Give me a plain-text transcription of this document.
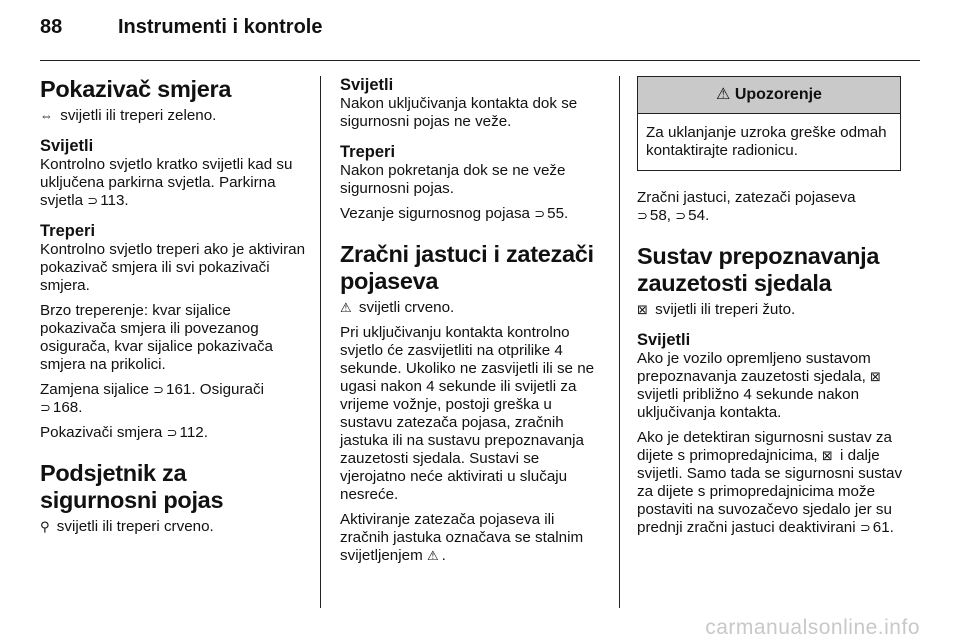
88	Instrumenti i kontrole
Pokazivač smjera

⇔ svijetli ili treperi zeleno.

Svijetli

Kontrolno svjetlo kratko svijetli kad su uključena parkirna svjetla. Parkirna svjetla ⊃ 113.

Treperi

Kontrolno svjetlo treperi ako je aktiviran pokazivač smjera ili svi pokazivači smjera.

Brzo treperenje: kvar sijalice pokazivača smjera ili povezanog osigurača, kvar sijalice pokazivača smjera na prikolici.

Zamjena sijalice ⊃ 161. Osigurači
⊃ 168.

Pokazivači smjera ⊃ 112.

Podsjetnik za sigurnosni pojas

⚲ svijetli ili treperi crveno.

Svijetli

Nakon uključivanja kontakta dok se sigurnosni pojas ne veže.

Treperi

Nakon pokretanja dok se ne veže sigurnosni pojas.

Vezanje sigurnosnog pojasa ⊃ 55.

Zračni jastuci i zatezači pojaseva

⚠ svijetli crveno.

Pri uključivanju kontakta kontrolno svjetlo će zasvijetliti na otprilike 4 sekunde. Ukoliko ne zasvijetli ili se ne ugasi nakon 4 sekunde ili svijetli za vrijeme vožnje, postoji greška u sustavu zatezača pojasa, zračnih jastuka ili na sustavu prepoznavanja zauzetosti sjedala. Sustavi se vjerojatno neće aktivirati u slučaju nesreće.

Aktiviranje zatezača pojaseva ili zračnih jastuka označava se stalnim svijetljenjem ⚠ .

⚠ Upozorenje
Za uklanjanje uzroka greške odmah kontaktirajte radionicu.

Zračni jastuci, zatezači pojaseva
⊃ 58, ⊃ 54.

Sustav prepoznavanja zauzetosti sjedala

⊠ svijetli ili treperi žuto.

Svijetli

Ako je vozilo opremljeno sustavom prepoznavanja zauzetosti sjedala, ⊠ svijetli približno 4 sekunde nakon uključivanja kontakta.

Ako je detektiran sigurnosni sustav za dijete s primopredajnicima, ⊠ i dalje svijetli. Samo tada se sigurnosni sustav za dijete s primopredajnicima može postaviti na suvozačevo sjedalo jer su prednji zračni jastuci deaktivirani ⊃ 61.

carmanualsonline.info
